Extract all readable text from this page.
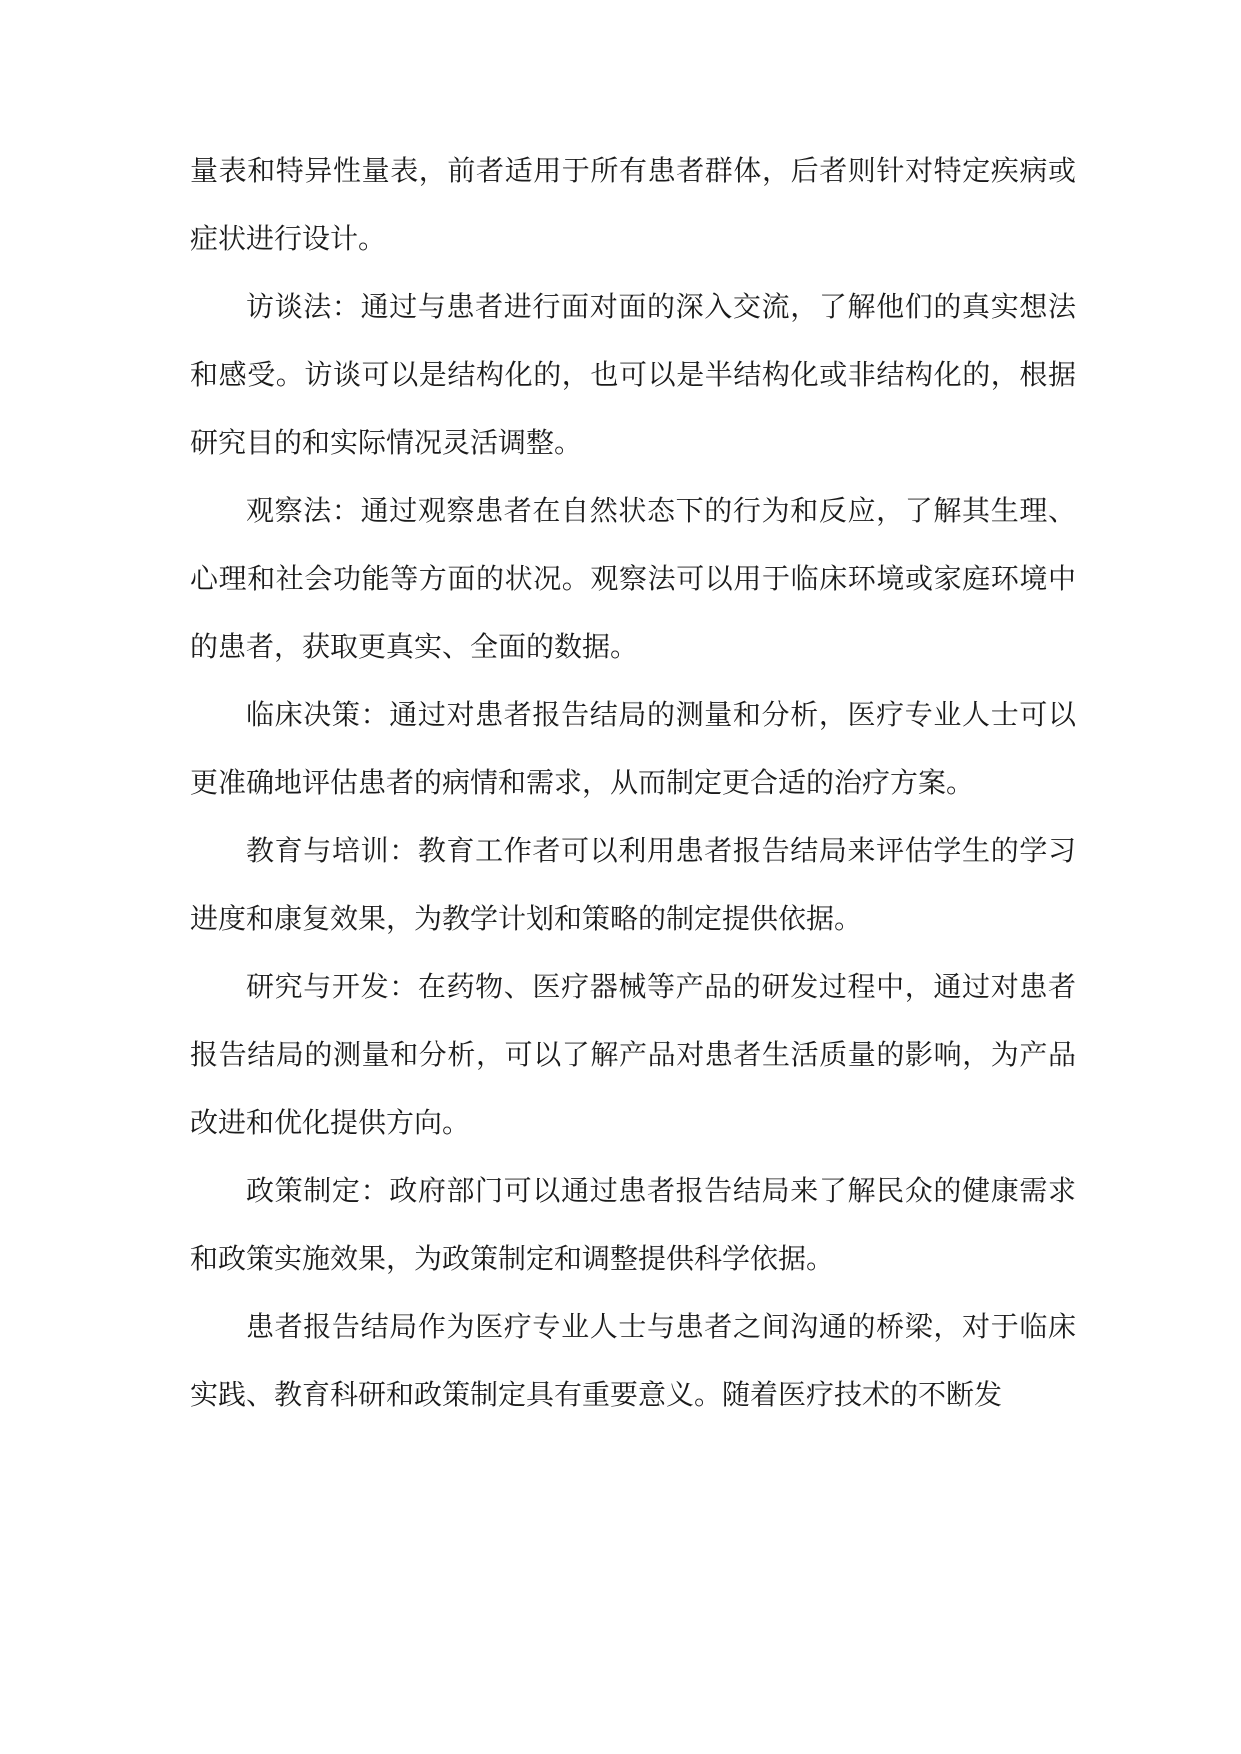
量表和特异性量表，前者适用于所有患者群体，后者则针对特定疾病或症状进行设计。

访谈法：通过与患者进行面对面的深入交流，了解他们的真实想法和感受。访谈可以是结构化的，也可以是半结构化或非结构化的，根据研究目的和实际情况灵活调整。

观察法：通过观察患者在自然状态下的行为和反应，了解其生理、心理和社会功能等方面的状况。观察法可以用于临床环境或家庭环境中的患者，获取更真实、全面的数据。

临床决策：通过对患者报告结局的测量和分析，医疗专业人士可以更准确地评估患者的病情和需求，从而制定更合适的治疗方案。

教育与培训：教育工作者可以利用患者报告结局来评估学生的学习进度和康复效果，为教学计划和策略的制定提供依据。

研究与开发：在药物、医疗器械等产品的研发过程中，通过对患者报告结局的测量和分析，可以了解产品对患者生活质量的影响，为产品改进和优化提供方向。

政策制定：政府部门可以通过患者报告结局来了解民众的健康需求和政策实施效果，为政策制定和调整提供科学依据。

患者报告结局作为医疗专业人士与患者之间沟通的桥梁，对于临床实践、教育科研和政策制定具有重要意义。随着医疗技术的不断发
